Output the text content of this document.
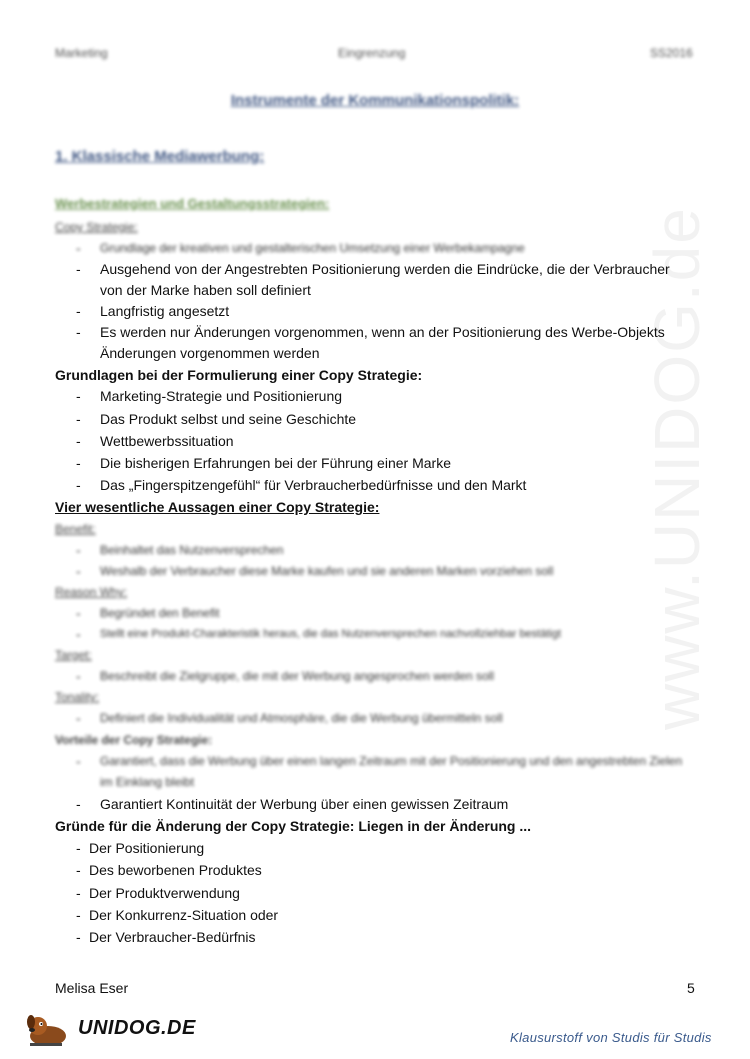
www.UNIDOG.de
Marketing	Eingrenzung	SS2016
Instrumente der Kommunikationspolitik:
1. Klassische Mediawerbung:
Werbestrategien und Gestaltungsstrategien:
Copy Strategie:
-	Grundlage der kreativen und gestalterischen Umsetzung einer Werbekampagne
-	Ausgehend von der Angestrebten Positionierung werden die Eindrücke, die der Verbraucher von der Marke haben soll definiert
-	Langfristig angesetzt
-	Es werden nur Änderungen vorgenommen, wenn an der Positionierung des Werbe-Objekts Änderungen vorgenommen werden
Grundlagen bei der Formulierung einer Copy Strategie:
-	Marketing-Strategie und Positionierung
-	Das Produkt selbst und seine Geschichte
-	Wettbewerbssituation
-	Die bisherigen Erfahrungen bei der Führung einer Marke
-	Das „Fingerspitzengefühl“ für Verbraucherbedürfnisse und den Markt
Vier wesentliche Aussagen einer Copy Strategie:
Benefit:
-	Beinhaltet das Nutzenversprechen
-	Weshalb der Verbraucher diese Marke kaufen und sie anderen Marken vorziehen soll
Reason Why:
-	Begründet den Benefit
-	Stellt eine Produkt-Charakteristik heraus, die das Nutzenversprechen nachvollziehbar bestätigt
Target:
-	Beschreibt die Zielgruppe, die mit der Werbung angesprochen werden soll
Tonality:
-	Definiert die Individualität und Atmosphäre, die die Werbung übermitteln soll
Vorteile der Copy Strategie:
-	Garantiert, dass die Werbung über einen langen Zeitraum mit der Positionierung und den angestrebten Zielen im Einklang bleibt
-	Garantiert Kontinuität der Werbung über einen gewissen Zeitraum
Gründe für die Änderung der Copy Strategie: Liegen in der Änderung ...
- Der Positionierung
- Des beworbenen Produktes
- Der Produktverwendung
- Der Konkurrenz-Situation oder
- Der Verbraucher-Bedürfnis
Melisa Eser	5
UNIDOG.DE	Klausurstoff von Studis für Studis
